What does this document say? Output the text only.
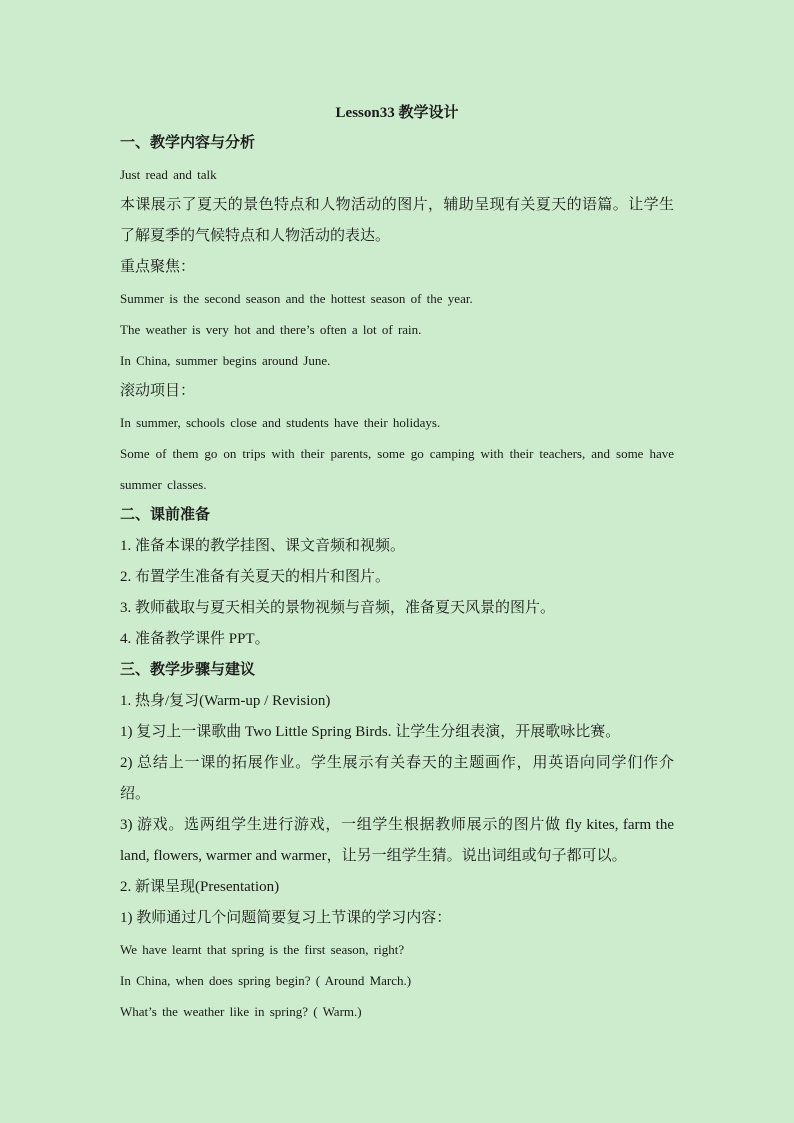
Lesson33 教学设计

一、教学内容与分析

Just read and talk

本课展示了夏天的景色特点和人物活动的图片，辅助呈现有关夏天的语篇。让学生了解夏季的气候特点和人物活动的表达。

重点聚焦：

Summer is the second season and the hottest season of the year.

The weather is very hot and there’s often a lot of rain.

In China, summer begins around June.

滚动项目：

In summer, schools close and students have their holidays.

Some of them go on trips with their parents, some go camping with their teachers, and some have summer classes.

二、课前准备

1. 准备本课的教学挂图、课文音频和视频。

2. 布置学生准备有关夏天的相片和图片。

3. 教师截取与夏天相关的景物视频与音频，准备夏天风景的图片。

4. 准备教学课件 PPT。

三、教学步骤与建议

1. 热身/复习(Warm-up / Revision)

1) 复习上一课歌曲 Two Little Spring Birds. 让学生分组表演，开展歌咏比赛。

2) 总结上一课的拓展作业。学生展示有关春天的主题画作，用英语向同学们作介绍。

3) 游戏。选两组学生进行游戏，一组学生根据教师展示的图片做 fly kites, farm the land, flowers, warmer and warmer，让另一组学生猜。说出词组或句子都可以。

2. 新课呈现(Presentation)

1) 教师通过几个问题简要复习上节课的学习内容：

We have learnt that spring is the first season, right?

In China, when does spring begin? ( Around March.)

What’s the weather like in spring? ( Warm.)
